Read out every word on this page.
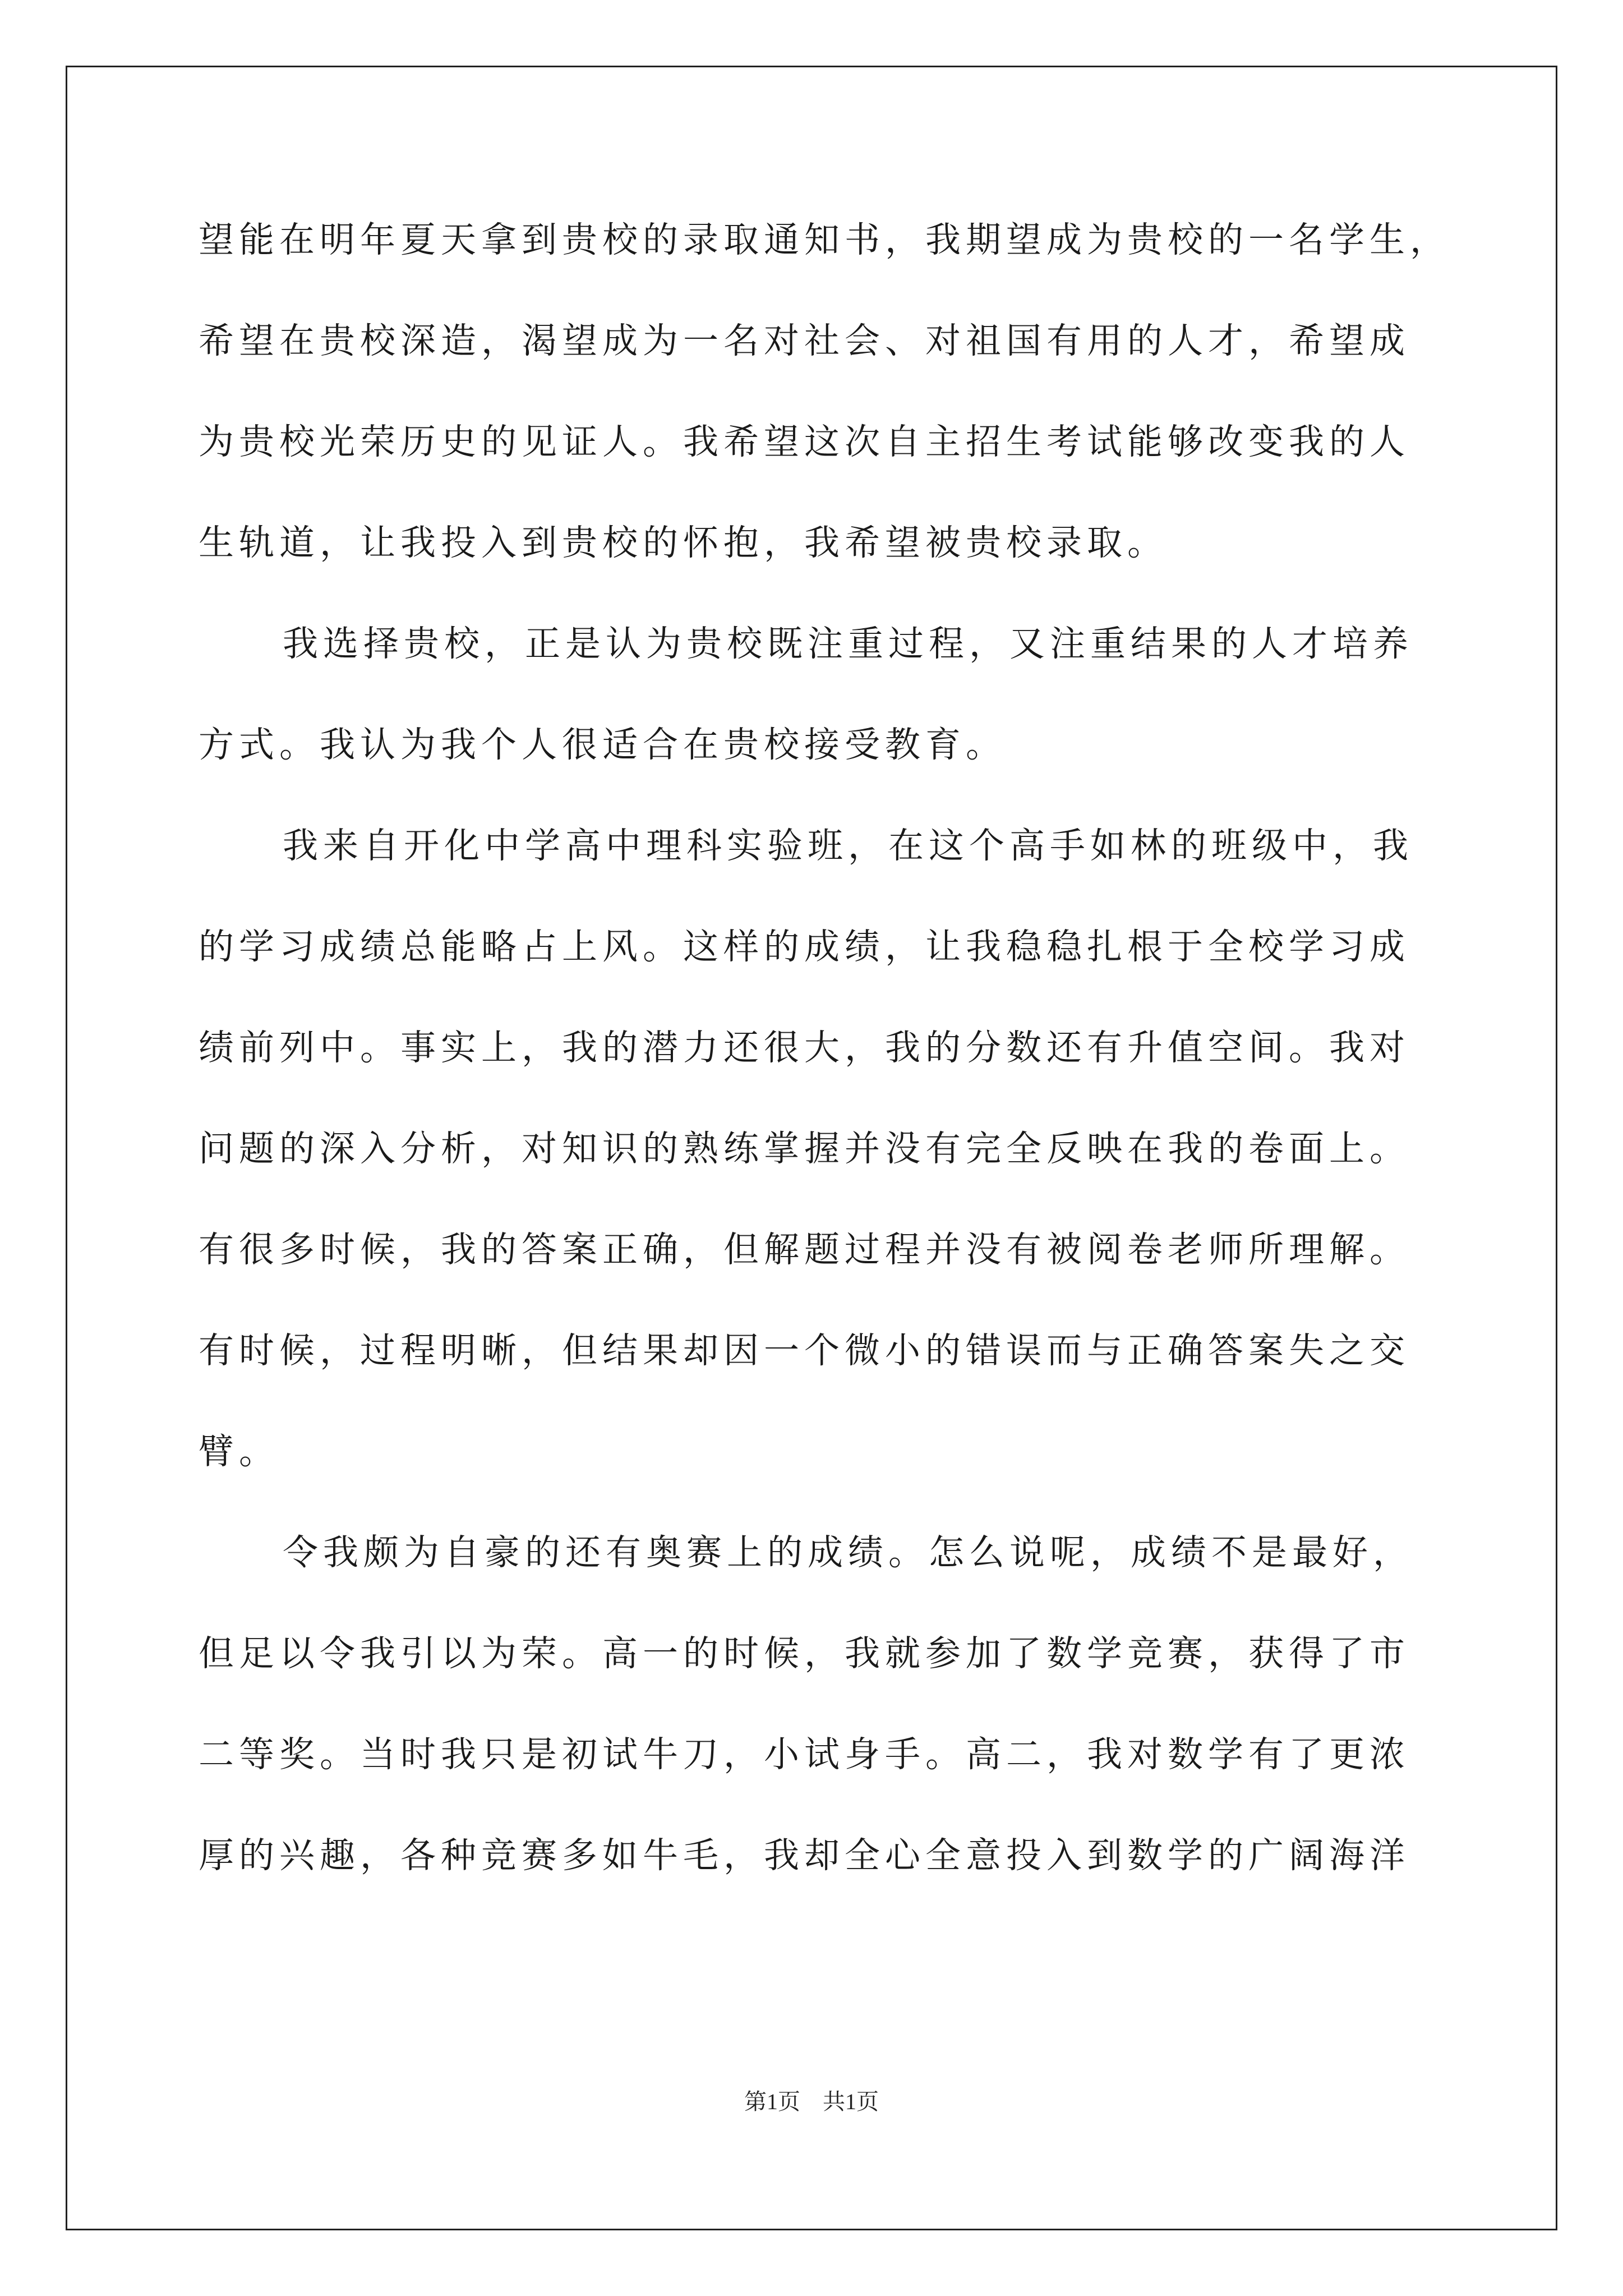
望能在明年夏天拿到贵校的录取通知书，我期望成为贵校的一名学生，
希望在贵校深造，渴望成为一名对社会、对祖国有用的人才，希望成
为贵校光荣历史的见证人。我希望这次自主招生考试能够改变我的人
生轨道，让我投入到贵校的怀抱，我希望被贵校录取。
我选择贵校，正是认为贵校既注重过程，又注重结果的人才培养
方式。我认为我个人很适合在贵校接受教育。
我来自开化中学高中理科实验班，在这个高手如林的班级中，我
的学习成绩总能略占上风。这样的成绩，让我稳稳扎根于全校学习成
绩前列中。事实上，我的潜力还很大，我的分数还有升值空间。我对
问题的深入分析，对知识的熟练掌握并没有完全反映在我的卷面上。
有很多时候，我的答案正确，但解题过程并没有被阅卷老师所理解。
有时候，过程明晰，但结果却因一个微小的错误而与正确答案失之交
臂。
令我颇为自豪的还有奥赛上的成绩。怎么说呢，成绩不是最好，
但足以令我引以为荣。高一的时候，我就参加了数学竞赛，获得了市
二等奖。当时我只是初试牛刀，小试身手。高二，我对数学有了更浓
厚的兴趣，各种竞赛多如牛毛，我却全心全意投入到数学的广阔海洋
第1页　共1页
